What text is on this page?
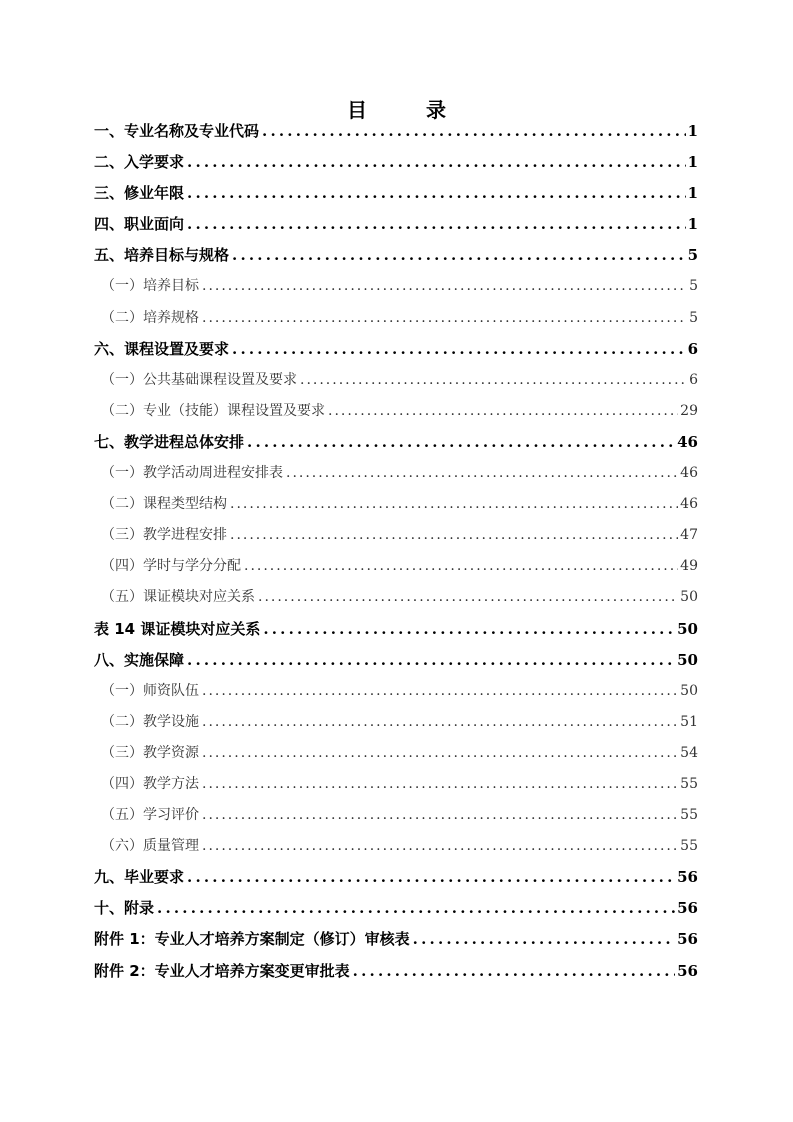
目 录
一、专业名称及专业代码 .....	1
二、入学要求 .....	1
三、修业年限 .....	1
四、职业面向 .....	1
五、培养目标与规格 .....	5
（一）培养目标 .....	5
（二）培养规格 .....	5
六、课程设置及要求 .....	6
（一）公共基础课程设置及要求 .....	6
（二）专业（技能）课程设置及要求 .....	29
七、教学进程总体安排 .....	46
（一）教学活动周进程安排表 .....	46
（二）课程类型结构 .....	46
（三）教学进程安排 .....	47
（四）学时与学分分配 .....	49
（五）课证模块对应关系 .....	50
表 14 课证模块对应关系 .....	50
八、实施保障 .....	50
（一）师资队伍 .....	50
（二）教学设施 .....	51
（三）教学资源 .....	54
（四）教学方法 .....	55
（五）学习评价 .....	55
（六）质量管理 .....	55
九、毕业要求 .....	56
十、附录 .....	56
附件 1：专业人才培养方案制定（修订）审核表 .....	56
附件 2：专业人才培养方案变更审批表 .....	56
